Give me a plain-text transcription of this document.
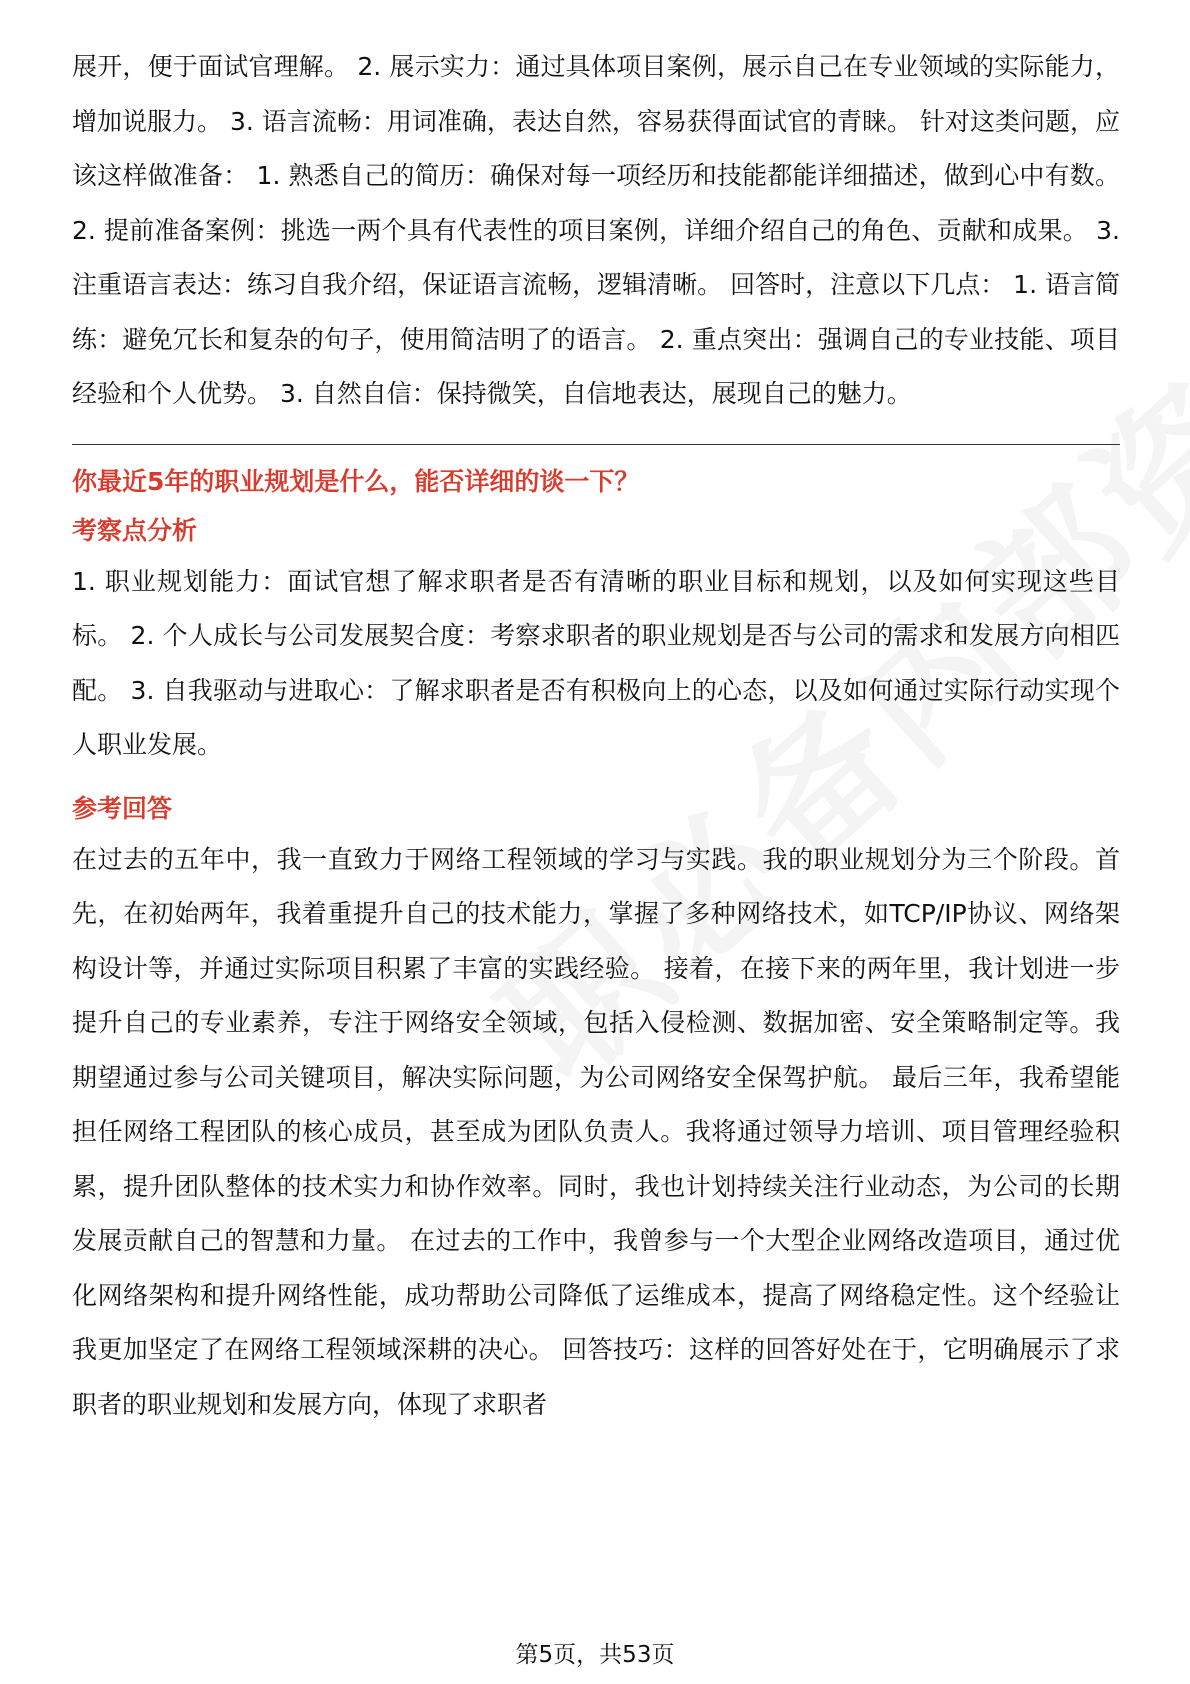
展开，便于面试官理解。 2. 展示实力：通过具体项目案例，展示自己在专业领域的实际能力，增加说服力。 3. 语言流畅：用词准确，表达自然，容易获得面试官的青睐。 针对这类问题，应该这样做准备： 1. 熟悉自己的简历：确保对每一项经历和技能都能详细描述，做到心中有数。 2. 提前准备案例：挑选一两个具有代表性的项目案例，详细介绍自己的角色、贡献和成果。 3. 注重语言表达：练习自我介绍，保证语言流畅，逻辑清晰。 回答时，注意以下几点： 1. 语言简练：避免冗长和复杂的句子，使用简洁明了的语言。 2. 重点突出：强调自己的专业技能、项目经验和个人优势。 3. 自然自信：保持微笑，自信地表达，展现自己的魅力。

你最近5年的职业规划是什么，能否详细的谈一下？

考察点分析

1. 职业规划能力：面试官想了解求职者是否有清晰的职业目标和规划，以及如何实现这些目标。 2. 个人成长与公司发展契合度：考察求职者的职业规划是否与公司的需求和发展方向相匹配。 3. 自我驱动与进取心：了解求职者是否有积极向上的心态，以及如何通过实际行动实现个人职业发展。

参考回答

在过去的五年中，我一直致力于网络工程领域的学习与实践。我的职业规划分为三个阶段。首先，在初始两年，我着重提升自己的技术能力，掌握了多种网络技术，如TCP/IP协议、网络架构设计等，并通过实际项目积累了丰富的实践经验。 接着，在接下来的两年里，我计划进一步提升自己的专业素养，专注于网络安全领域，包括入侵检测、数据加密、安全策略制定等。我期望通过参与公司关键项目，解决实际问题，为公司网络安全保驾护航。 最后三年，我希望能担任网络工程团队的核心成员，甚至成为团队负责人。我将通过领导力培训、项目管理经验积累，提升团队整体的技术实力和协作效率。同时，我也计划持续关注行业动态，为公司的长期发展贡献自己的智慧和力量。 在过去的工作中，我曾参与一个大型企业网络改造项目，通过优化网络架构和提升网络性能，成功帮助公司降低了运维成本，提高了网络稳定性。这个经验让我更加坚定了在网络工程领域深耕的决心。 回答技巧：这样的回答好处在于，它明确展示了求职者的职业规划和发展方向，体现了求职者

第5页，共53页
